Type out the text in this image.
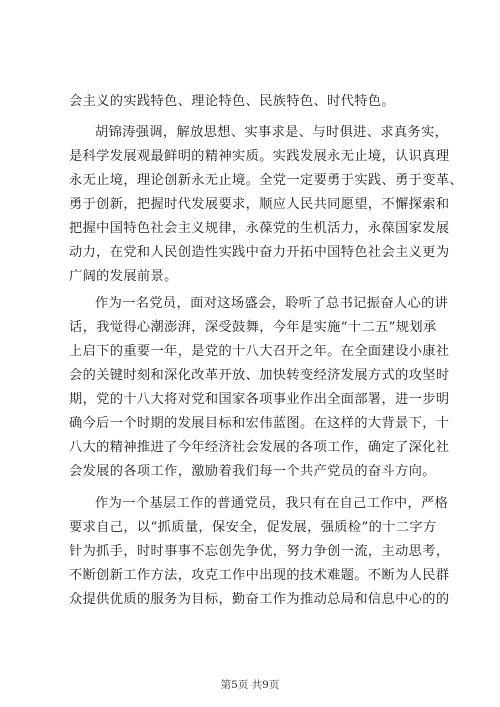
会主义的实践特色、理论特色、民族特色、时代特色。
胡锦涛强调，解放思想、实事求是、与时俱进、求真务实，
是科学发展观最鲜明的精神实质。实践发展永无止境，认识真理
永无止境，理论创新永无止境。全党一定要勇于实践、勇于变革、
勇于创新，把握时代发展要求，顺应人民共同愿望，不懈探索和
把握中国特色社会主义规律，永葆党的生机活力，永葆国家发展
动力，在党和人民创造性实践中奋力开拓中国特色社会主义更为
广阔的发展前景。
作为一名党员，面对这场盛会，聆听了总书记振奋人心的讲
话，我觉得心潮澎湃，深受鼓舞，今年是实施“十二五”规划承
上启下的重要一年，是党的十八大召开之年。在全面建设小康社
会的关键时刻和深化改革开放、加快转变经济发展方式的攻坚时
期，党的十八大将对党和国家各项事业作出全面部署，进一步明
确今后一个时期的发展目标和宏伟蓝图。在这样的大背景下，十
八大的精神推进了今年经济社会发展的各项工作，确定了深化社
会发展的各项工作，激励着我们每一个共产党员的奋斗方向。
作为一个基层工作的普通党员，我只有在自己工作中，严格
要求自己，以“抓质量，保安全，促发展，强质检”的十二字方
针为抓手，时时事事不忘创先争优，努力争创一流，主动思考，
不断创新工作方法，攻克工作中出现的技术难题。不断为人民群
众提供优质的服务为目标，勤奋工作为推动总局和信息中心的的
第5页 共9页
